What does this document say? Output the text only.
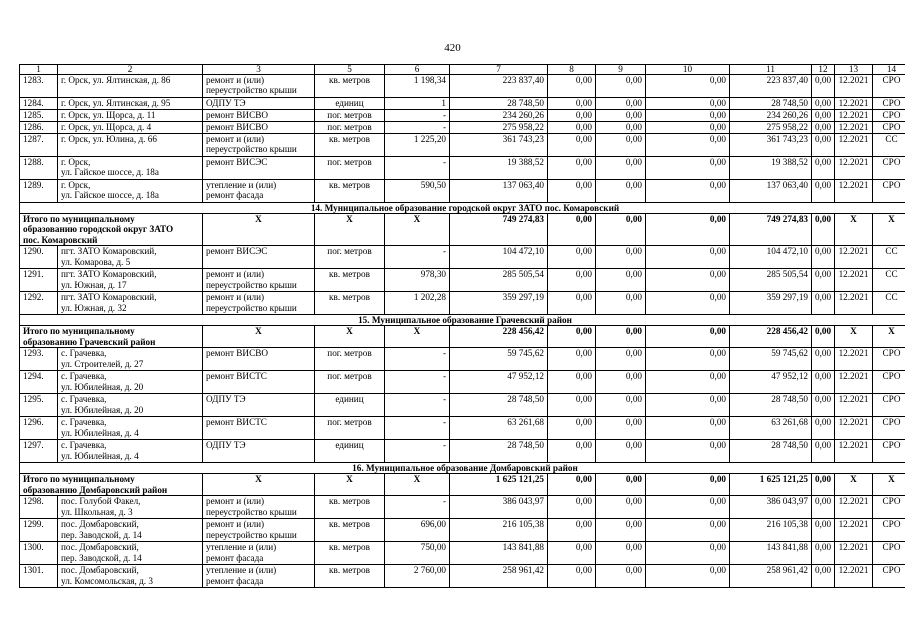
420
1	2	3	5	6	7	8	9	10	11	12	13	14
1283.	г. Орск, ул. Ялтинская, д. 86	ремонт и (или)
переустройство крыши	кв. метров	1 198,34	223 837,40	0,00	0,00	0,00	223 837,40	0,00	12.2021	СРО
1284.	г. Орск, ул. Ялтинская, д. 95	ОДПУ ТЭ	единиц	1	28 748,50	0,00	0,00	0,00	28 748,50	0,00	12.2021	СРО
1285.	г. Орск, ул. Щорса, д. 11	ремонт ВИСВО	пог. метров	-	234 260,26	0,00	0,00	0,00	234 260,26	0,00	12.2021	СРО
1286.	г. Орск, ул. Щорса, д. 4	ремонт ВИСВО	пог. метров	-	275 958,22	0,00	0,00	0,00	275 958,22	0,00	12.2021	СРО
1287.	г. Орск, ул. Юлина, д. 66	ремонт и (или)
переустройство крыши	кв. метров	1 225,20	361 743,23	0,00	0,00	0,00	361 743,23	0,00	12.2021	СС
1288.	г. Орск,
ул. Гайское шоссе, д. 18а	ремонт ВИСЭС	пог. метров	-	19 388,52	0,00	0,00	0,00	19 388,52	0,00	12.2021	СРО
1289.	г. Орск,
ул. Гайское шоссе, д. 18а	утепление и (или)
ремонт фасада	кв. метров	590,50	137 063,40	0,00	0,00	0,00	137 063,40	0,00	12.2021	СРО
14. Муниципальное образование городской округ ЗАТО пос. Комаровский												
Итого по муниципальному
образованию городской округ ЗАТО
пос. Комаровский		X	X	X	749 274,83	0,00	0,00	0,00	749 274,83	0,00	X	X
1290.	пгт. ЗАТО Комаровский,
ул. Комарова, д. 5	ремонт ВИСЭС	пог. метров	-	104 472,10	0,00	0,00	0,00	104 472,10	0,00	12.2021	СС
1291.	пгт. ЗАТО Комаровский,
ул. Южная, д. 17	ремонт и (или)
переустройство крыши	кв. метров	978,30	285 505,54	0,00	0,00	0,00	285 505,54	0,00	12.2021	СС
1292.	пгт. ЗАТО Комаровский,
ул. Южная, д. 32	ремонт и (или)
переустройство крыши	кв. метров	1 202,28	359 297,19	0,00	0,00	0,00	359 297,19	0,00	12.2021	СС
15. Муниципальное образование Грачевский район												
Итого по муниципальному
образованию Грачевский район		X	X	X	228 456,42	0,00	0,00	0,00	228 456,42	0,00	X	X
1293.	с. Грачевка,
ул. Строителей, д. 27	ремонт ВИСВО	пог. метров	-	59 745,62	0,00	0,00	0,00	59 745,62	0,00	12.2021	СРО
1294.	с. Грачевка,
ул. Юбилейная, д. 20	ремонт ВИСТС	пог. метров	-	47 952,12	0,00	0,00	0,00	47 952,12	0,00	12.2021	СРО
1295.	с. Грачевка,
ул. Юбилейная, д. 20	ОДПУ ТЭ	единиц	-	28 748,50	0,00	0,00	0,00	28 748,50	0,00	12.2021	СРО
1296.	с. Грачевка,
ул. Юбилейная, д. 4	ремонт ВИСТС	пог. метров	-	63 261,68	0,00	0,00	0,00	63 261,68	0,00	12.2021	СРО
1297.	с. Грачевка,
ул. Юбилейная, д. 4	ОДПУ ТЭ	единиц	-	28 748,50	0,00	0,00	0,00	28 748,50	0,00	12.2021	СРО
16. Муниципальное образование Домбаровский район												
Итого по муниципальному
образованию Домбаровский район		X	X	X	1 625 121,25	0,00	0,00	0,00	1 625 121,25	0,00	X	X
1298.	пос. Голубой Факел,
ул. Школьная, д. 3	ремонт и (или)
переустройство крыши	кв. метров	-	386 043,97	0,00	0,00	0,00	386 043,97	0,00	12.2021	СРО
1299.	пос. Домбаровский,
пер. Заводской, д. 14	ремонт и (или)
переустройство крыши	кв. метров	696,00	216 105,38	0,00	0,00	0,00	216 105,38	0,00	12.2021	СРО
1300.	пос. Домбаровский,
пер. Заводской, д. 14	утепление и (или)
ремонт фасада	кв. метров	750,00	143 841,88	0,00	0,00	0,00	143 841,88	0,00	12.2021	СРО
1301.	пос. Домбаровский,
ул. Комсомольская, д. 3	утепление и (или)
ремонт фасада	кв. метров	2 760,00	258 961,42	0,00	0,00	0,00	258 961,42	0,00	12.2021	СРО
